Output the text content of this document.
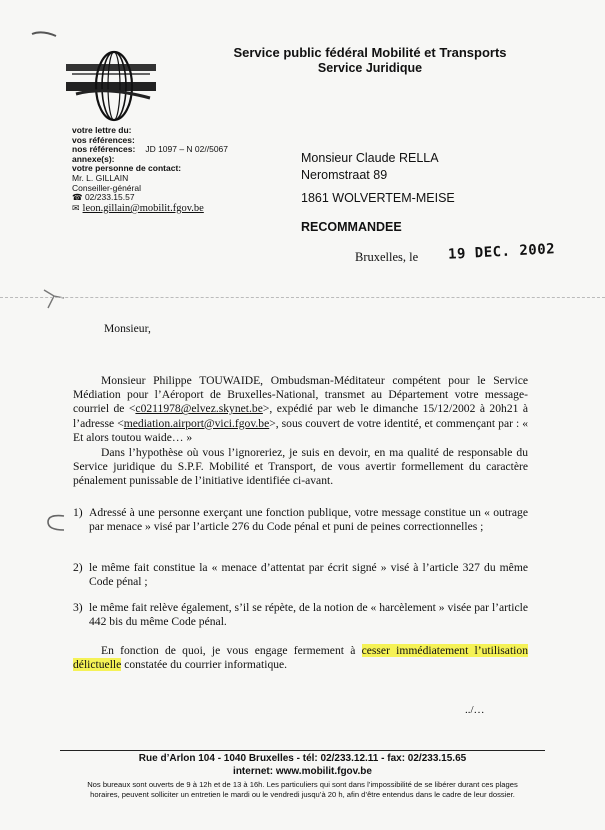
Service public fédéral Mobilité et Transports
Service Juridique
votre lettre du:
vos références:
nos références: JD 1097 – N 02//5067
annexe(s):
votre personne de contact:
Mr. L. GILLAIN
Conseiller-général
☎ 02/233.15.57
✉ leon.gillain@mobilit.fgov.be
Monsieur Claude RELLA
Neromstraat 89
1861 WOLVERTEM-MEISE
RECOMMANDEE
Bruxelles, le 19 DEC. 2002
Monsieur,
Monsieur Philippe TOUWAIDE, Ombudsman-Méditateur compétent pour le Service Médiation pour l’Aéroport de Bruxelles-National, transmet au Département votre message-courriel de <c0211978@elvez.skynet.be>, expédié par web le dimanche 15/12/2002 à 20h21 à l’adresse <mediation.airport@vici.fgov.be>, sous couvert de votre identité, et commençant par : « Et alors toutou waide… »
Dans l’hypothèse où vous l’ignoreriez, je suis en devoir, en ma qualité de responsable du Service juridique du S.P.F. Mobilité et Transport, de vous avertir formellement du caractère pénalement punissable de l’initiative identifiée ci-avant.
1) Adressé à une personne exerçant une fonction publique, votre message constitue un « outrage par menace » visé par l’article 276 du Code pénal et puni de peines correctionnelles ;
2) le même fait constitue la « menace d’attentat par écrit signé » visé à l’article 327 du même Code pénal ;
3) le même fait relève également, s’il se répète, de la notion de « harcèlement » visée par l’article 442 bis du même Code pénal.
En fonction de quoi, je vous engage fermement à cesser immédiatement l’utilisation délictuelle constatée du courrier informatique.
../…
Rue d’Arlon 104 - 1040 Bruxelles - tél: 02/233.12.11 - fax: 02/233.15.65
internet: www.mobilit.fgov.be
Nos bureaux sont ouverts de 9 à 12h et de 13 à 16h. Les particuliers qui sont dans l’impossibilité de se libérer durant ces plages horaires, peuvent solliciter un entretien le mardi ou le vendredi jusqu’à 20 h, afin d’être entendus dans le cadre de leur dossier.
